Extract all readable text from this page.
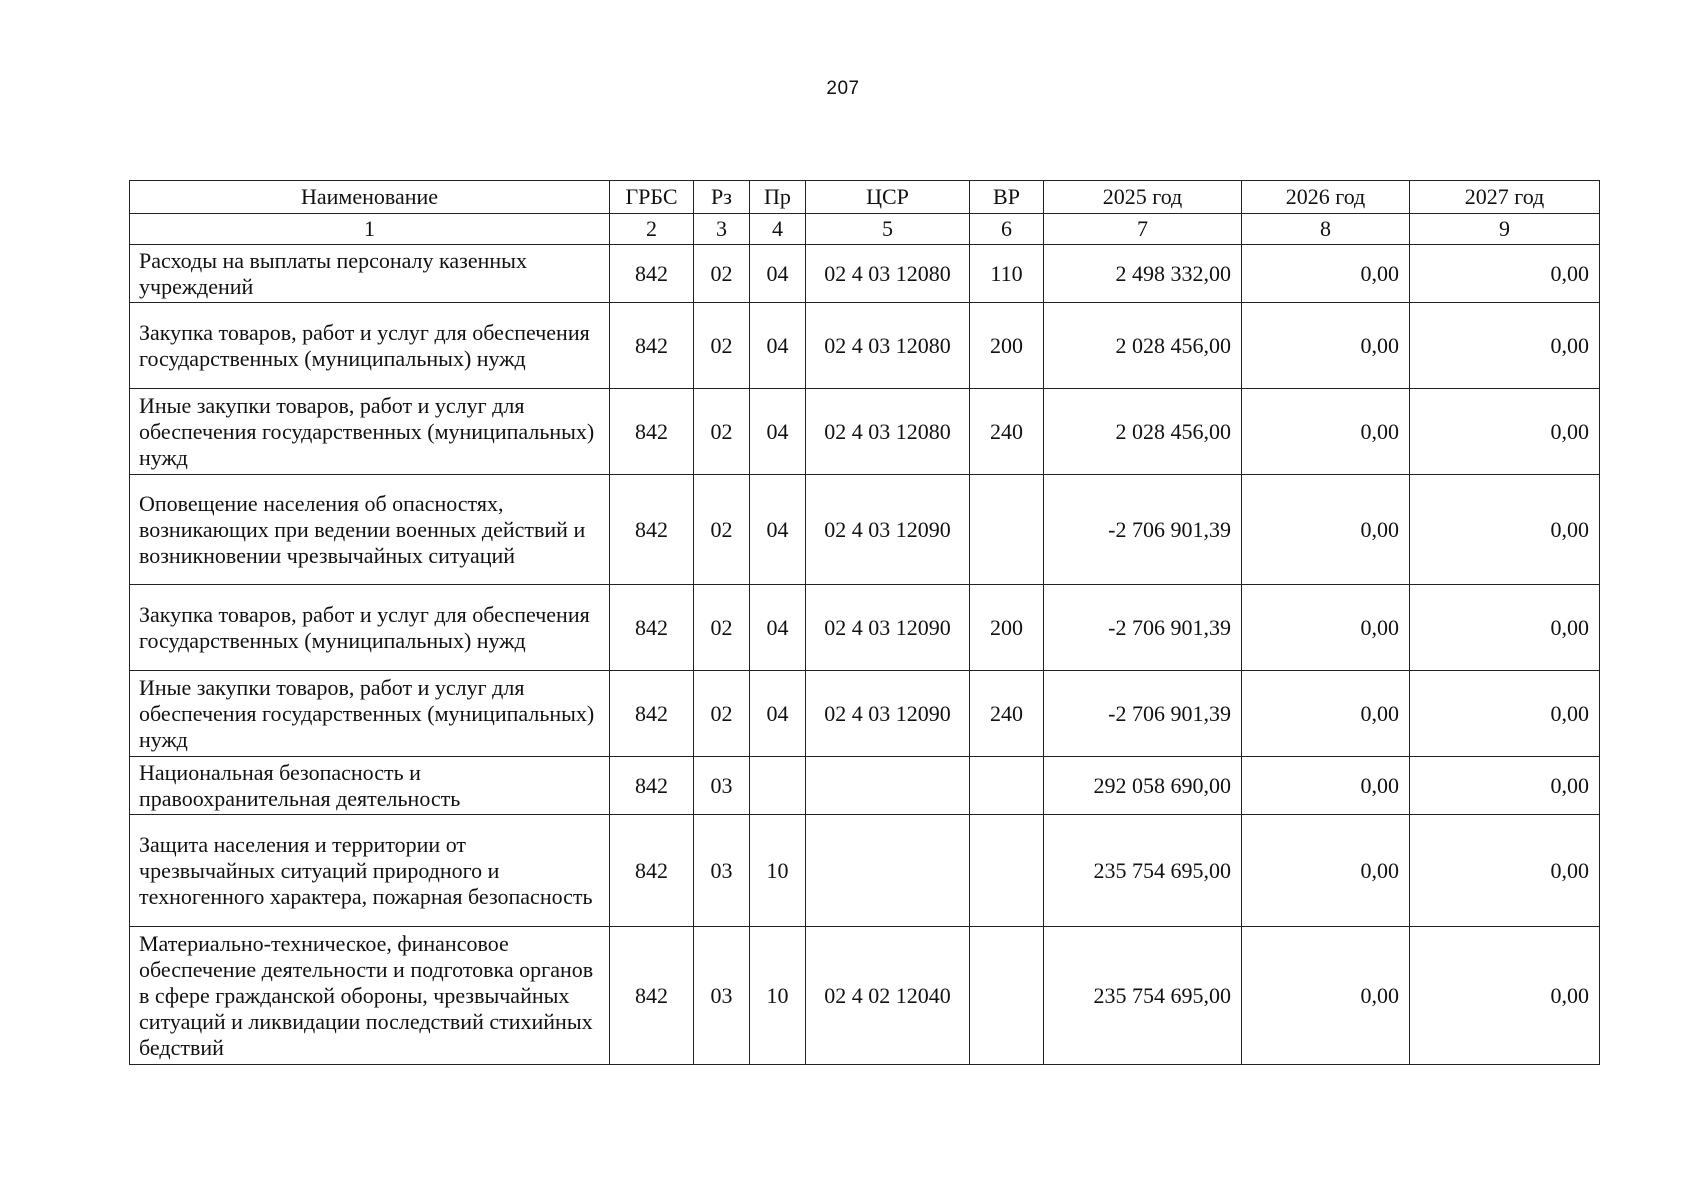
207
Наименование	ГРБС	Рз	Пр	ЦСР	ВР	2025 год	2026 год	2027 год
1	2	3	4	5	6	7	8	9
Расходы на выплаты персоналу казенных учреждений	842	02	04	02 4 03 12080	110	2 498 332,00	0,00	0,00
Закупка товаров, работ и услуг для обеспечения государственных (муниципальных) нужд	842	02	04	02 4 03 12080	200	2 028 456,00	0,00	0,00
Иные закупки товаров, работ и услуг для обеспечения государственных (муниципальных) нужд	842	02	04	02 4 03 12080	240	2 028 456,00	0,00	0,00
Оповещение населения об опасностях, возникающих при ведении военных действий и возникновении чрезвычайных ситуаций	842	02	04	02 4 03 12090		-2 706 901,39	0,00	0,00
Закупка товаров, работ и услуг для обеспечения государственных (муниципальных) нужд	842	02	04	02 4 03 12090	200	-2 706 901,39	0,00	0,00
Иные закупки товаров, работ и услуг для обеспечения государственных (муниципальных) нужд	842	02	04	02 4 03 12090	240	-2 706 901,39	0,00	0,00
Национальная безопасность и правоохранительная деятельность	842	03				292 058 690,00	0,00	0,00
Защита населения и территории от чрезвычайных ситуаций природного и техногенного характера, пожарная безопасность	842	03	10			235 754 695,00	0,00	0,00
Материально-техническое, финансовое обеспечение деятельности и подготовка органов в сфере гражданской обороны, чрезвычайных ситуаций и ликвидации последствий стихийных бедствий	842	03	10	02 4 02 12040		235 754 695,00	0,00	0,00
